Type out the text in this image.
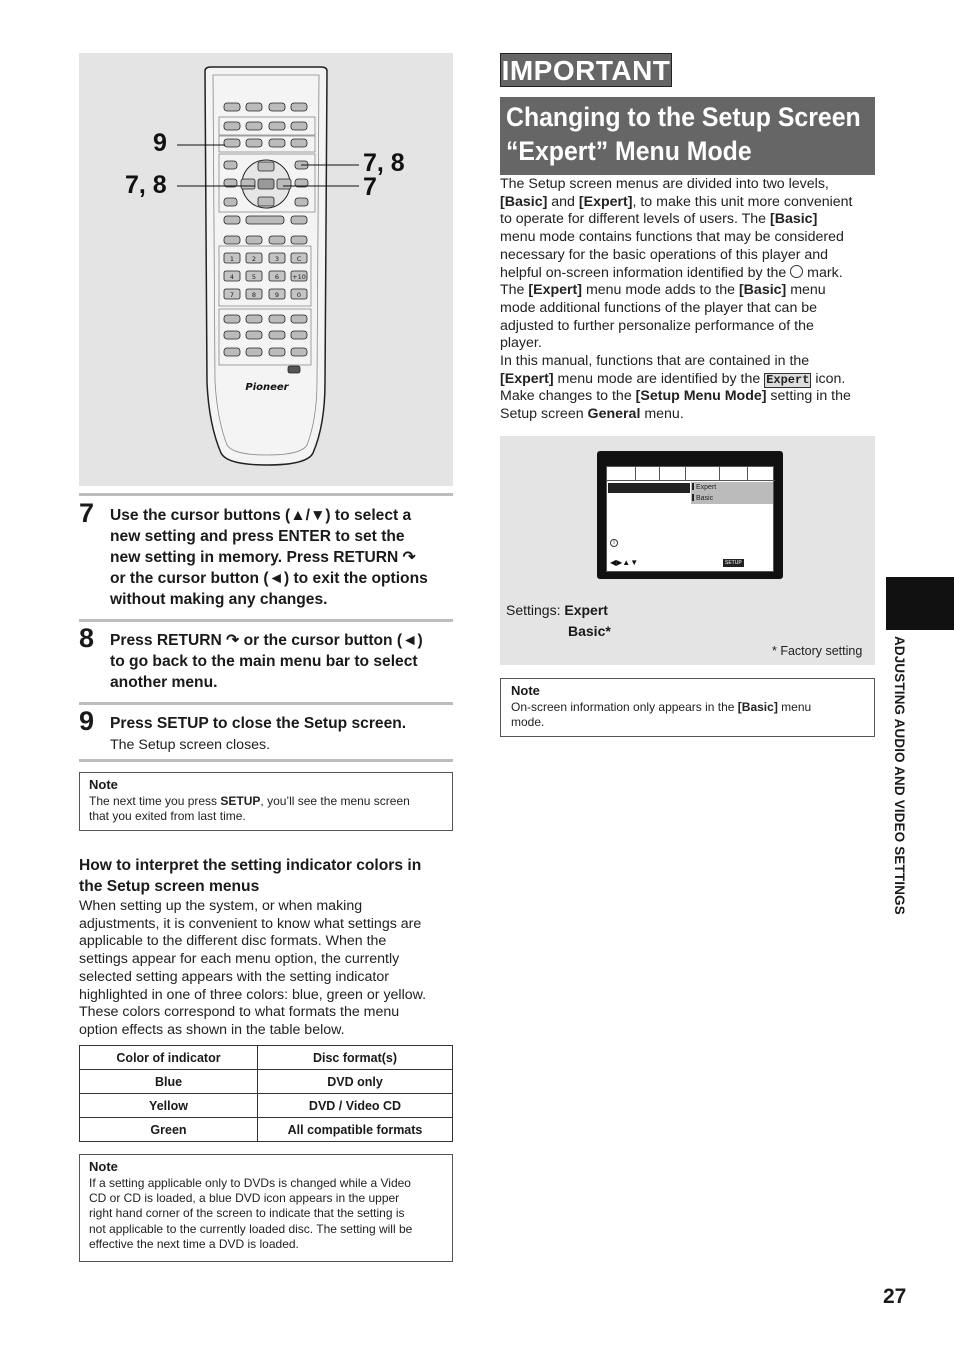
1	2	3	C
4	5	6 +10
7	8	9	0
Pioneer
9
7, 8
7, 8
7
7 Use the cursor buttons (▲/▼) to select a
new setting and press ENTER to set the
new setting in memory. Press RETURN ↷
or the cursor button (◄) to exit the options
without making any changes.
8 Press RETURN ↷ or the cursor button (◄)
to go back to the main menu bar to select
another menu.
9 Press SETUP to close the Setup screen.
The Setup screen closes.
Note
The next time you press SETUP, you’ll see the menu screen
that you exited from last time.
How to interpret the setting indicator colors in
the Setup screen menus
When setting up the system, or when making
adjustments, it is convenient to know what settings are
applicable to the different disc formats. When the
settings appear for each menu option, the currently
selected setting appears with the setting indicator
highlighted in one of three colors: blue, green or yellow.
These colors correspond to what formats the menu
option effects as shown in the table below.
Color of indicator	Disc format(s)
Blue	DVD only
Yellow	DVD / Video CD
Green	All compatible formats
Note
If a setting applicable only to DVDs is changed while a Video
CD or CD is loaded, a blue DVD icon appears in the upper
right hand corner of the screen to indicate that the setting is
not applicable to the currently loaded disc. The setting will be
effective the next time a DVD is loaded.
IMPORTANT
Changing to the Setup Screen
“Expert” Menu Mode
The Setup screen menus are divided into two levels,
[Basic] and [Expert], to make this unit more convenient
to operate for different levels of users. The [Basic]
menu mode contains functions that may be considered
necessary for the basic operations of this player and
helpful on-screen information identified by the  mark.
The [Expert] menu mode adds to the [Basic] menu
mode additional functions of the player that can be
adjusted to further personalize performance of the
player.
In this manual, functions that are contained in the
[Expert] menu mode are identified by the Expert icon.
Make changes to the [Setup Menu Mode] setting in the
Setup screen General menu.
Expert
Basic
i
◀▶▲▼	SETUP
Settings: Expert
Basic*
* Factory setting
Note
On-screen information only appears in the [Basic] menu
mode.	ADJUSTING AUDIO AND VIDEO SETTINGS
27
